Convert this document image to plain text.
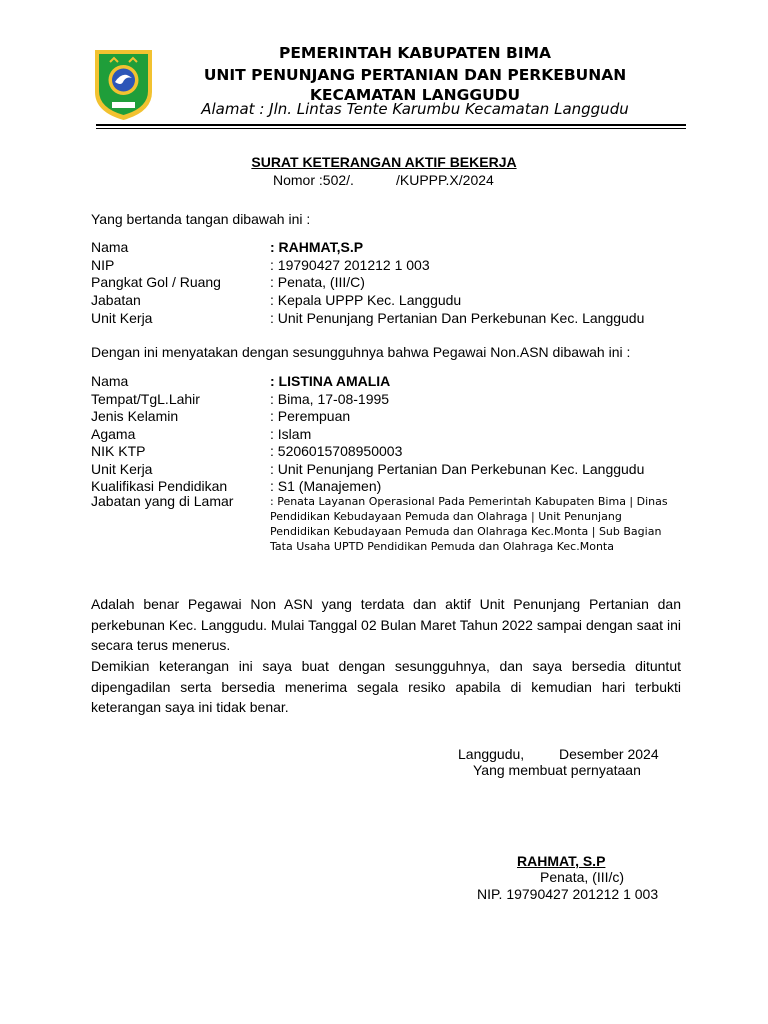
PEMERINTAH KABUPATEN BIMA
UNIT PENUNJANG PERTANIAN DAN PERKEBUNAN
KECAMATAN LANGGUDU
Alamat : Jln. Lintas Tente Karumbu Kecamatan Langgudu
SURAT KETERANGAN AKTIF BEKERJA
Nomor :502/.	/KUPPP.X/2024
Yang bertanda tangan dibawah ini :
Nama	: RAHMAT,S.P
NIP	: 19790427 201212 1 003
Pangkat Gol / Ruang	: Penata, (III/C)
Jabatan	: Kepala UPPP Kec. Langgudu
Unit Kerja	: Unit Penunjang Pertanian Dan Perkebunan Kec. Langgudu
Dengan ini menyatakan dengan sesungguhnya bahwa Pegawai Non.ASN dibawah ini :
Nama	: LISTINA AMALIA
Tempat/TgL.Lahir	: Bima, 17-08-1995
Jenis Kelamin	: Perempuan
Agama	: Islam
NIK KTP	: 5206015708950003
Unit Kerja	: Unit Penunjang Pertanian Dan Perkebunan Kec. Langgudu
Kualifikasi Pendidikan	: S1 (Manajemen)
Jabatan yang di Lamar	: Penata Layanan Operasional Pada Pemerintah Kabupaten Bima | Dinas Pendidikan Kebudayaan Pemuda dan Olahraga | Unit Penunjang Pendidikan Kebudayaan Pemuda dan Olahraga Kec.Monta | Sub Bagian Tata Usaha UPTD Pendidikan Pemuda dan Olahraga Kec.Monta
Adalah benar Pegawai Non ASN yang terdata dan aktif Unit Penunjang Pertanian dan perkebunan Kec. Langgudu. Mulai Tanggal 02 Bulan Maret Tahun 2022 sampai dengan saat ini secara terus menerus.
Demikian keterangan ini saya buat dengan sesungguhnya, dan saya bersedia dituntut dipengadilan serta bersedia menerima segala resiko apabila di kemudian hari terbukti keterangan saya ini tidak benar.
Langgudu, Desember 2024
Yang membuat pernyataan
RAHMAT, S.P
Penata, (III/c)
NIP. 19790427 201212 1 003
